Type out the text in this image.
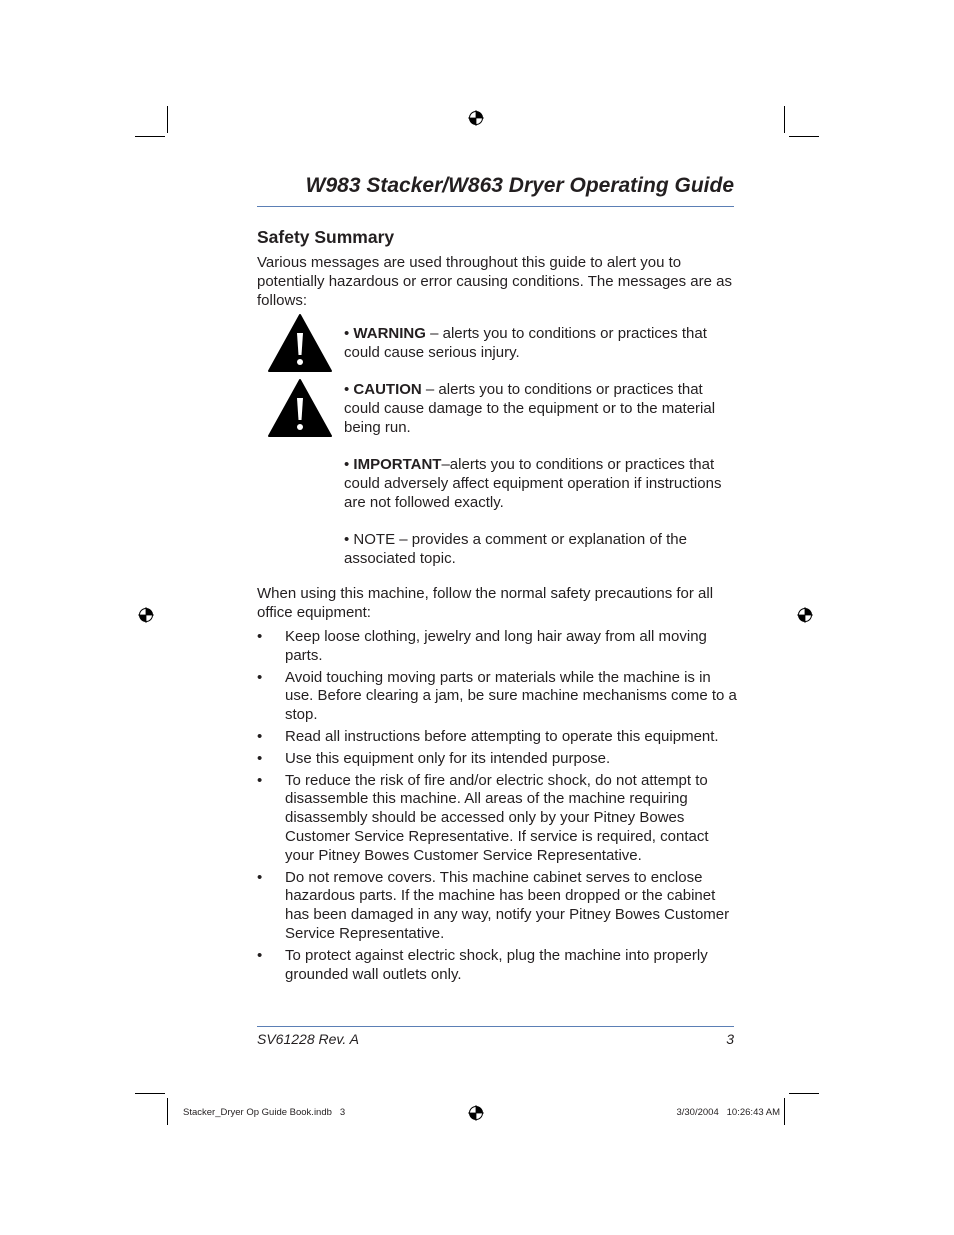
W983 Stacker/W863 Dryer Operating Guide
Safety Summary
Various messages are used throughout this guide to alert you to potentially hazardous or error causing conditions. The messages are as follows:
• WARNING – alerts you to conditions or practices that could cause serious injury.
• CAUTION – alerts you to conditions or practices that could cause damage to the equipment or to the material being run.
• IMPORTANT–alerts you to conditions or practices that could adversely affect equipment operation if instructions are not followed exactly.
• NOTE – provides a comment or explanation of the associated topic.
When using this machine, follow the normal safety precautions for all office equipment:
• Keep loose clothing, jewelry and long hair away from all moving parts.
• Avoid touching moving parts or materials while the machine is in use. Before clearing a jam, be sure machine mechanisms come to a stop.
• Read all instructions before attempting to operate this equipment.
• Use this equipment only for its intended purpose.
• To reduce the risk of fire and/or electric shock, do not attempt to disassemble this machine. All areas of the machine requiring disassembly should be accessed only by your Pitney Bowes Customer Service Representative. If service is required, contact your Pitney Bowes Customer Service Representative.
• Do not remove covers. This machine cabinet serves to enclose hazardous parts. If the machine has been dropped or the cabinet has been damaged in any way, notify your Pitney Bowes Customer Service Representative.
• To protect against electric shock, plug the machine into properly grounded wall outlets only.
SV61228 Rev. A	3
Stacker_Dryer Op Guide Book.indb   3	3/30/2004   10:26:43 AM
